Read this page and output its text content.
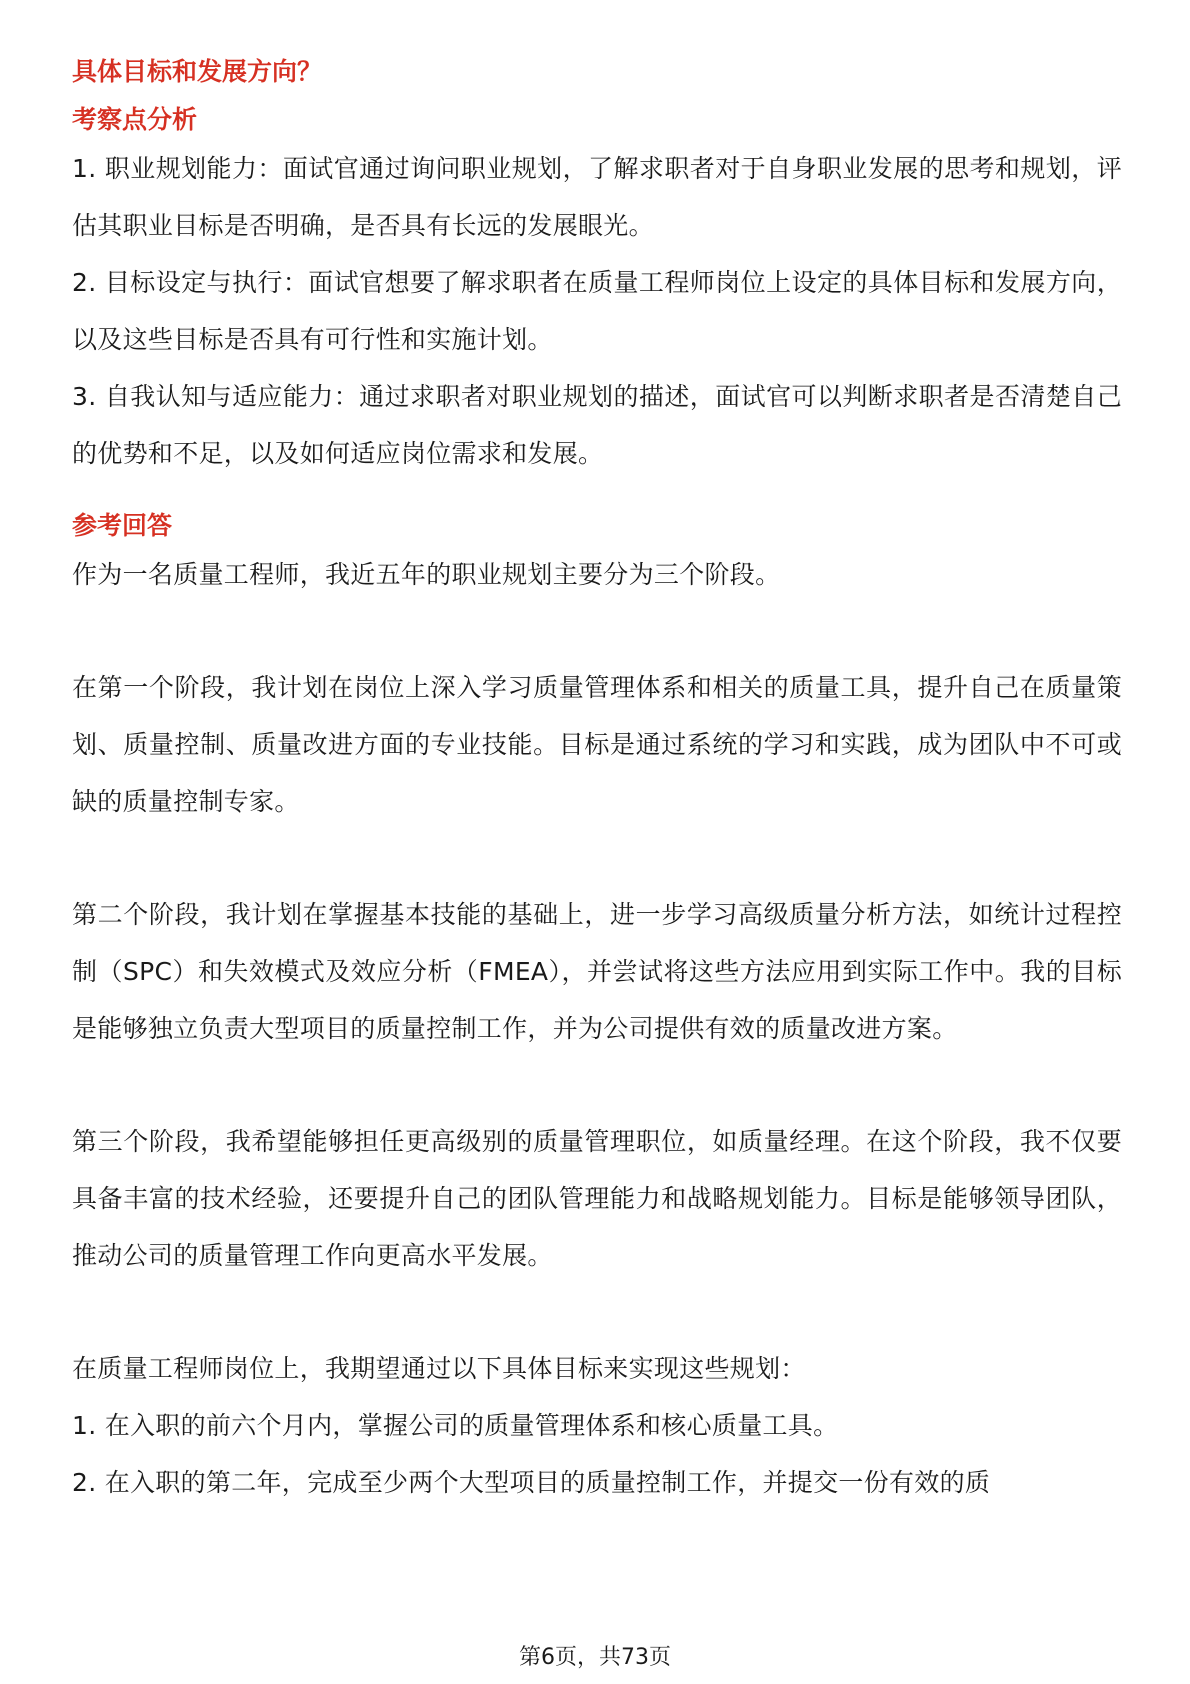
具体目标和发展方向？
考察点分析

1. 职业规划能力：面试官通过询问职业规划，了解求职者对于自身职业发展的思考和规划，评估其职业目标是否明确，是否具有长远的发展眼光。

2. 目标设定与执行：面试官想要了解求职者在质量工程师岗位上设定的具体目标和发展方向，以及这些目标是否具有可行性和实施计划。

3. 自我认知与适应能力：通过求职者对职业规划的描述，面试官可以判断求职者是否清楚自己的优势和不足，以及如何适应岗位需求和发展。

参考回答

作为一名质量工程师，我近五年的职业规划主要分为三个阶段。

在第一个阶段，我计划在岗位上深入学习质量管理体系和相关的质量工具，提升自己在质量策划、质量控制、质量改进方面的专业技能。目标是通过系统的学习和实践，成为团队中不可或缺的质量控制专家。

第二个阶段，我计划在掌握基本技能的基础上，进一步学习高级质量分析方法，如统计过程控制（SPC）和失效模式及效应分析（FMEA），并尝试将这些方法应用到实际工作中。我的目标是能够独立负责大型项目的质量控制工作，并为公司提供有效的质量改进方案。

第三个阶段，我希望能够担任更高级别的质量管理职位，如质量经理。在这个阶段，我不仅要具备丰富的技术经验，还要提升自己的团队管理能力和战略规划能力。目标是能够领导团队，推动公司的质量管理工作向更高水平发展。

在质量工程师岗位上，我期望通过以下具体目标来实现这些规划：

1. 在入职的前六个月内，掌握公司的质量管理体系和核心质量工具。

2. 在入职的第二年，完成至少两个大型项目的质量控制工作，并提交一份有效的质

第6页，共73页
